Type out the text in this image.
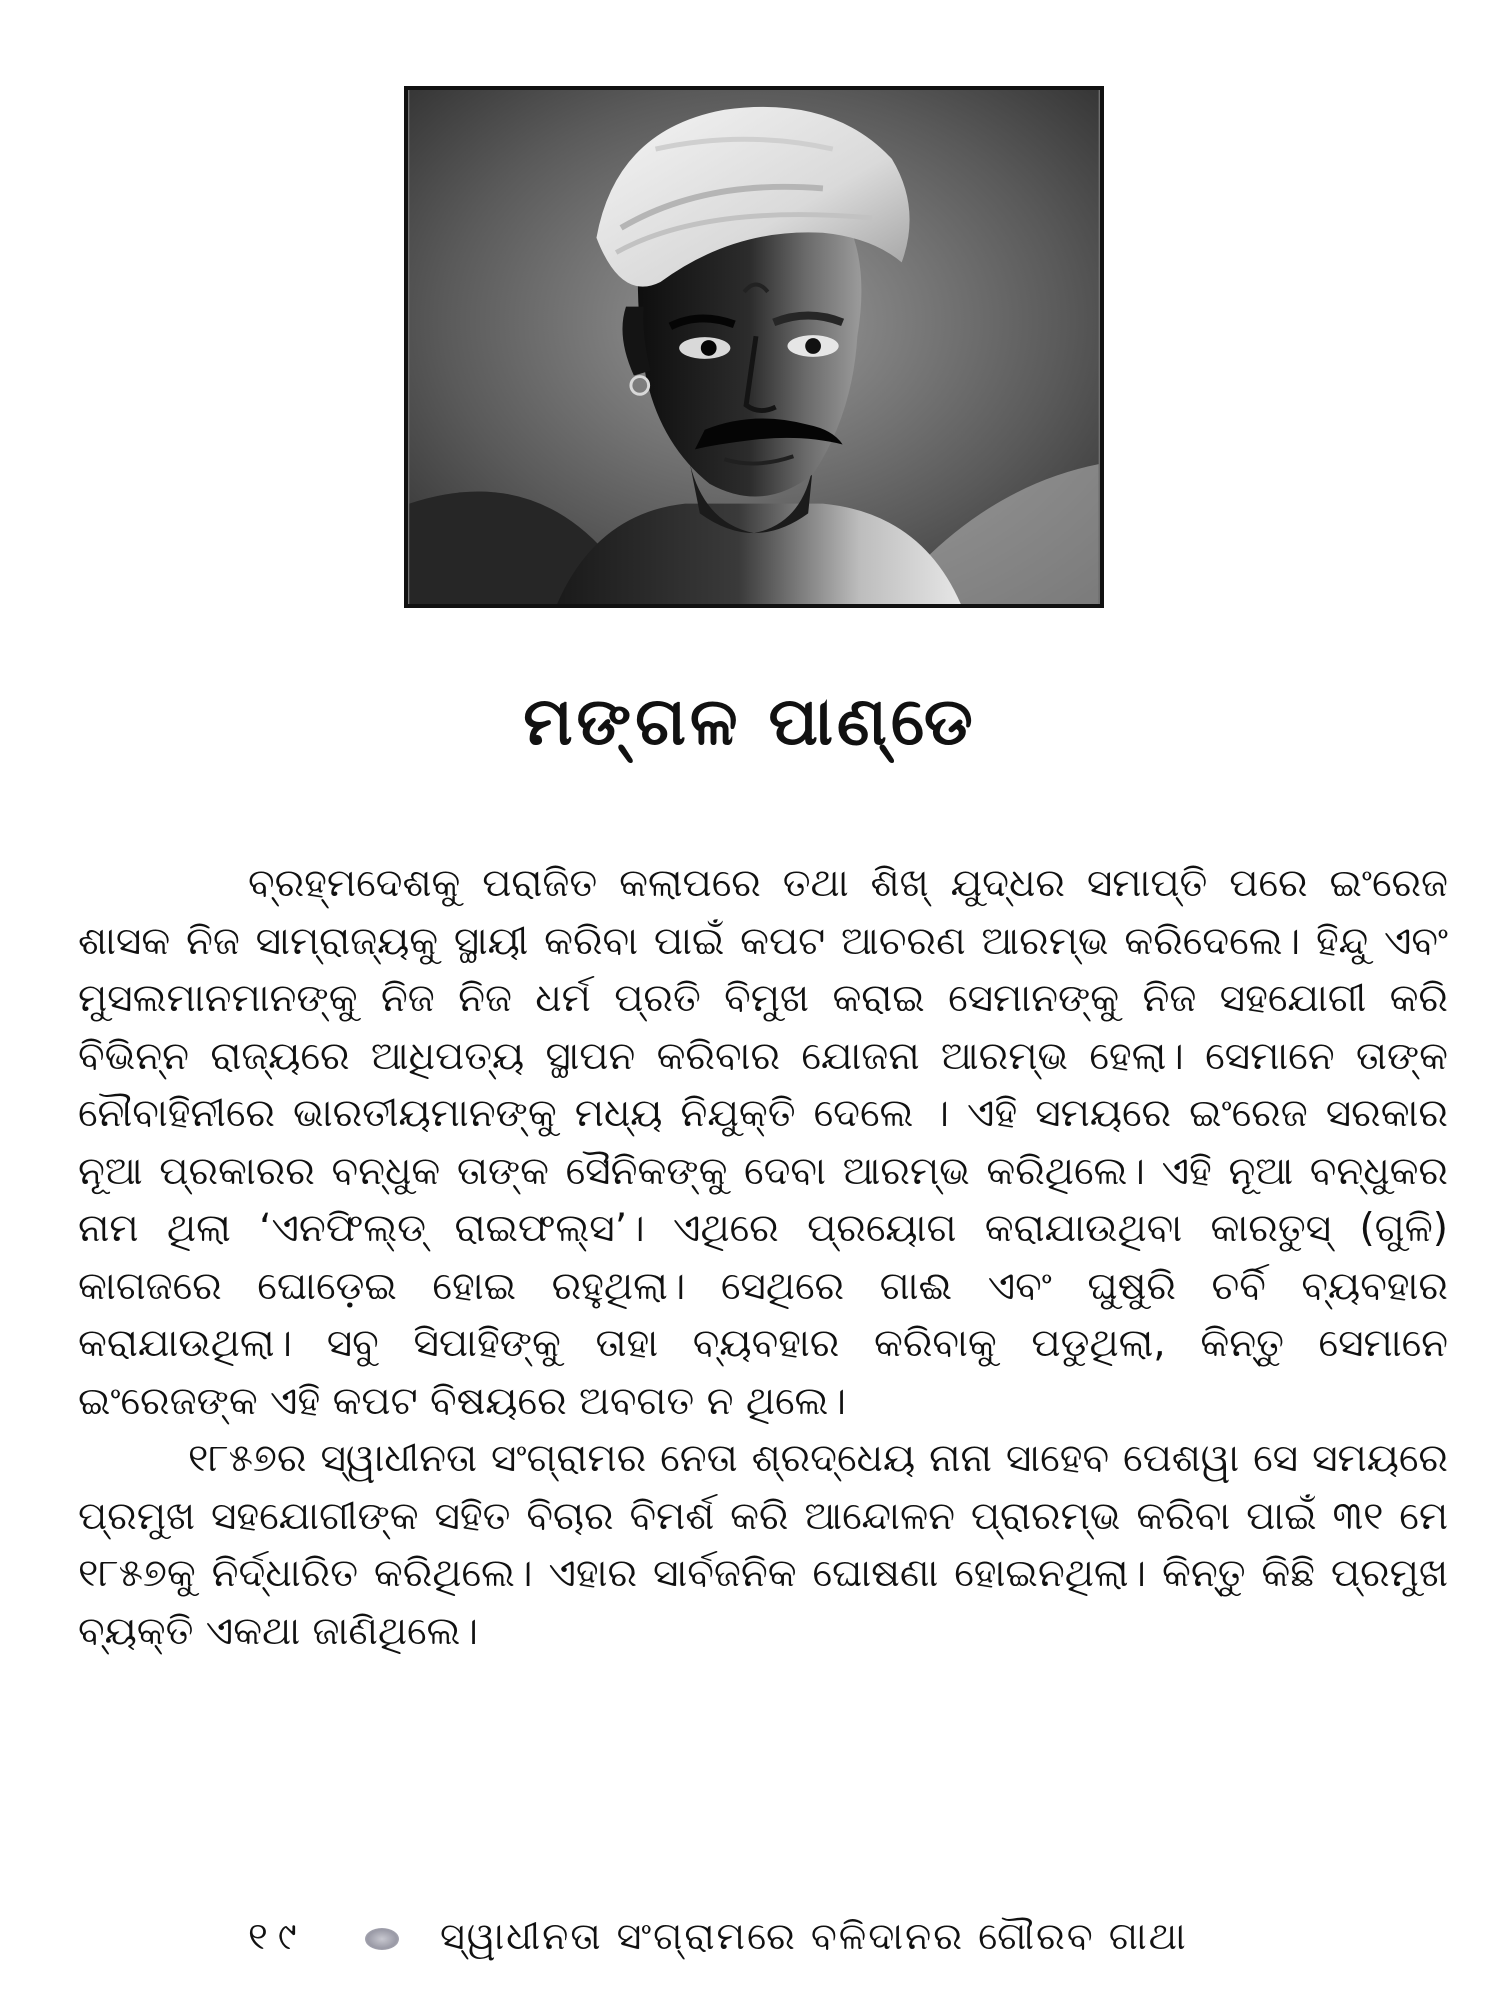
ମଙ୍ଗଳ ପାଣ୍ଡେ

ବ୍ରହ୍ମଦେଶକୁ ପରାଜିତ କଲାପରେ ତଥା ଶିଖ୍ ଯୁଦ୍ଧର ସମାପ୍ତି ପରେ ଇଂରେଜ ଶାସକ ନିଜ ସାମ୍ରାଜ୍ୟକୁ ସ୍ଥାୟୀ କରିବା ପାଇଁ କପଟ ଆଚରଣ ଆରମ୍ଭ କରିଦେଲେ। ହିନ୍ଦୁ ଏବଂ ମୁସଲମାନମାନଙ୍କୁ ନିଜ ନିଜ ଧର୍ମ ପ୍ରତି ବିମୁଖ କରାଇ ସେମାନଙ୍କୁ ନିଜ ସହଯୋଗୀ କରି ବିଭିନ୍ନ ରାଜ୍ୟରେ ଆଧିପତ୍ୟ ସ୍ଥାପନ କରିବାର ଯୋଜନା ଆରମ୍ଭ ହେଲା। ସେମାନେ ତାଙ୍କ ନୌବାହିନୀରେ ଭାରତୀୟମାନଙ୍କୁ ମଧ୍ୟ ନିଯୁକ୍ତି ଦେଲେ । ଏହି ସମୟରେ ଇଂରେଜ ସରକାର ନୂଆ ପ୍ରକାରର ବନ୍ଧୁକ ତାଙ୍କ ସୈନିକଙ୍କୁ ଦେବା ଆରମ୍ଭ କରିଥିଲେ। ଏହି ନୂଆ ବନ୍ଧୁକର ନାମ ଥିଲା ‘ଏନଫିଲ୍ଡ୍ ରାଇଫଲ୍ସ’। ଏଥିରେ ପ୍ରୟୋଗ କରାଯାଉଥିବା କାରତୁସ୍ (ଗୁଳି) କାଗଜରେ ଘୋଡ଼େଇ ହୋଇ ରହୁଥିଲା। ସେଥିରେ ଗାଈ ଏବଂ ଘୁଷୁରି ଚର୍ବି ବ୍ୟବହାର କରାଯାଉଥିଲା। ସବୁ ସିପାହିଙ୍କୁ ତାହା ବ୍ୟବହାର କରିବାକୁ ପଡୁଥିଲା, କିନ୍ତୁ ସେମାନେ ଇଂରେଜଙ୍କ ଏହି କପଟ ବିଷୟରେ ଅବଗତ ନ ଥିଲେ।

୧୮୫୭ର ସ୍ୱାଧୀନତା ସଂଗ୍ରାମର ନେତା ଶ୍ରଦ୍ଧେୟ ନାନା ସାହେବ ପେଶୱା ସେ ସମୟରେ ପ୍ରମୁଖ ସହଯୋଗୀଙ୍କ ସହିତ ବିଚାର ବିମର୍ଶ କରି ଆନ୍ଦୋଳନ ପ୍ରାରମ୍ଭ କରିବା ପାଇଁ ୩୧ ମେ ୧୮୫୭କୁ ନିର୍ଦ୍ଧାରିତ କରିଥିଲେ। ଏହାର ସାର୍ବଜନିକ ଘୋଷଣା ହୋଇନଥିଲା। କିନ୍ତୁ କିଛି ପ୍ରମୁଖ ବ୍ୟକ୍ତି ଏକଥା ଜାଣିଥିଲେ।

୧୯	ସ୍ୱାଧୀନତା ସଂଗ୍ରାମରେ ବଳିଦାନର ଗୌରବ ଗାଥା
